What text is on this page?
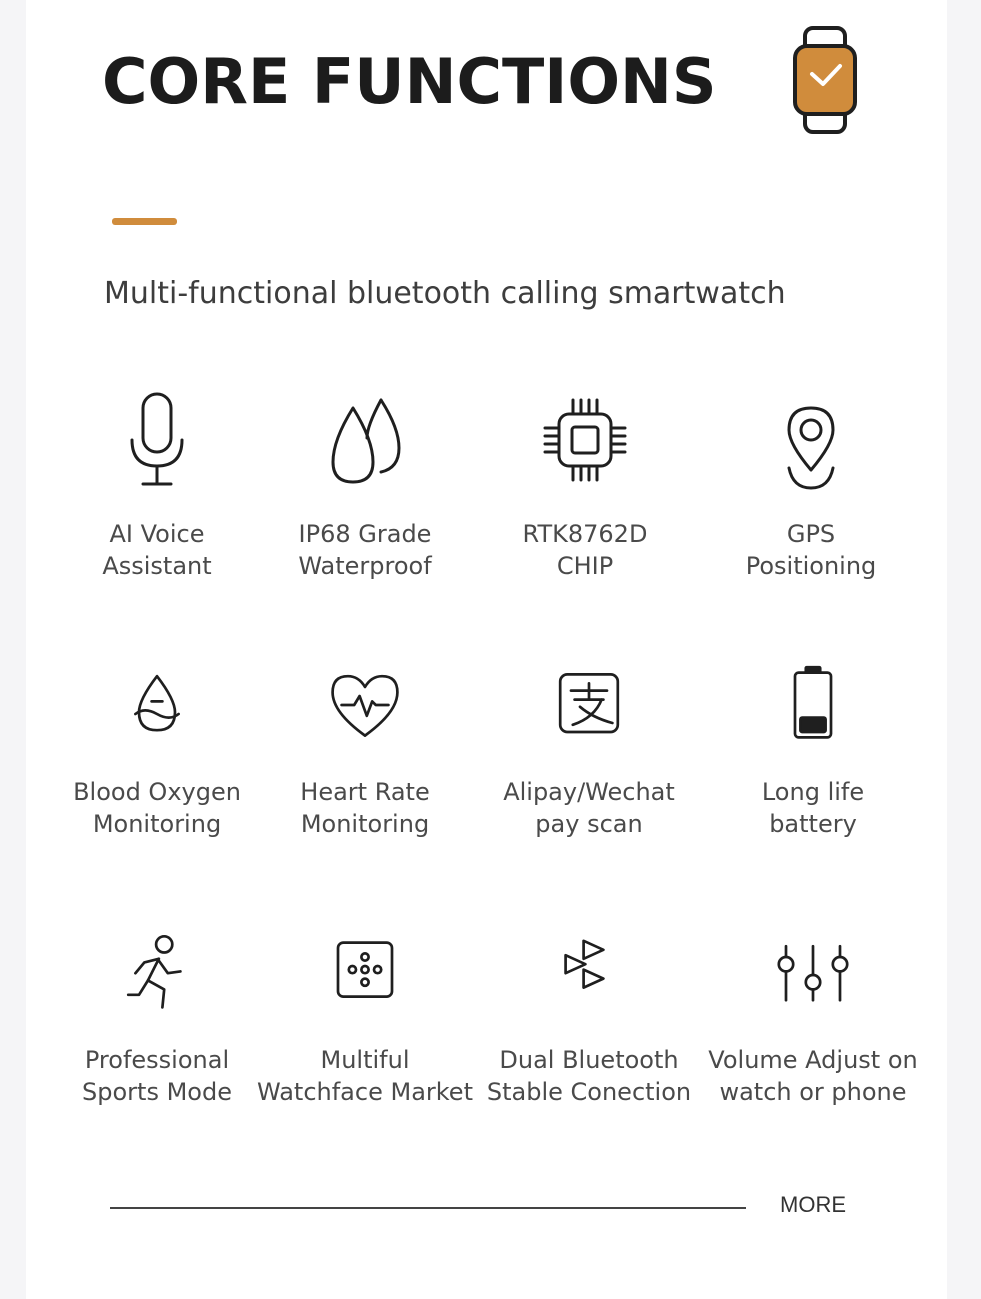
CORE FUNCTIONS
Multi-functional bluetooth calling smartwatch
AI Voice
Assistant
IP68 Grade
Waterproof
RTK8762D
CHIP
GPS
Positioning
Blood Oxygen
Monitoring
Heart Rate
Monitoring
Alipay/Wechat
pay scan
Long life
battery
Professional
Sports Mode
Multiful
Watchface Market
Dual Bluetooth
Stable Conection
Volume Adjust on
watch or phone
MORE
